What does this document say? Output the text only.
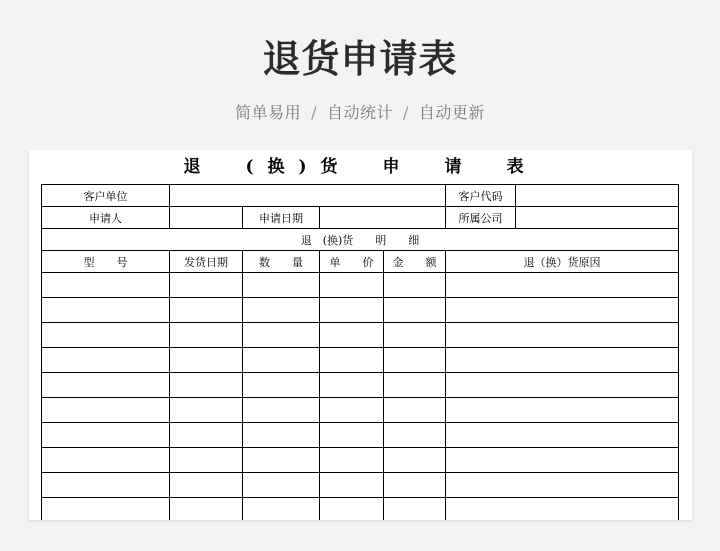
退货申请表
简单易用 / 自动统计 / 自动更新
退　(换)货　申　请　表
客户单位					客户代码	
申请人		申请日期			所属公司	
退　(换)货　　明　　细						
型　　号	发货日期	数　　量	单　　价	金　　额	退（换）货原因	
